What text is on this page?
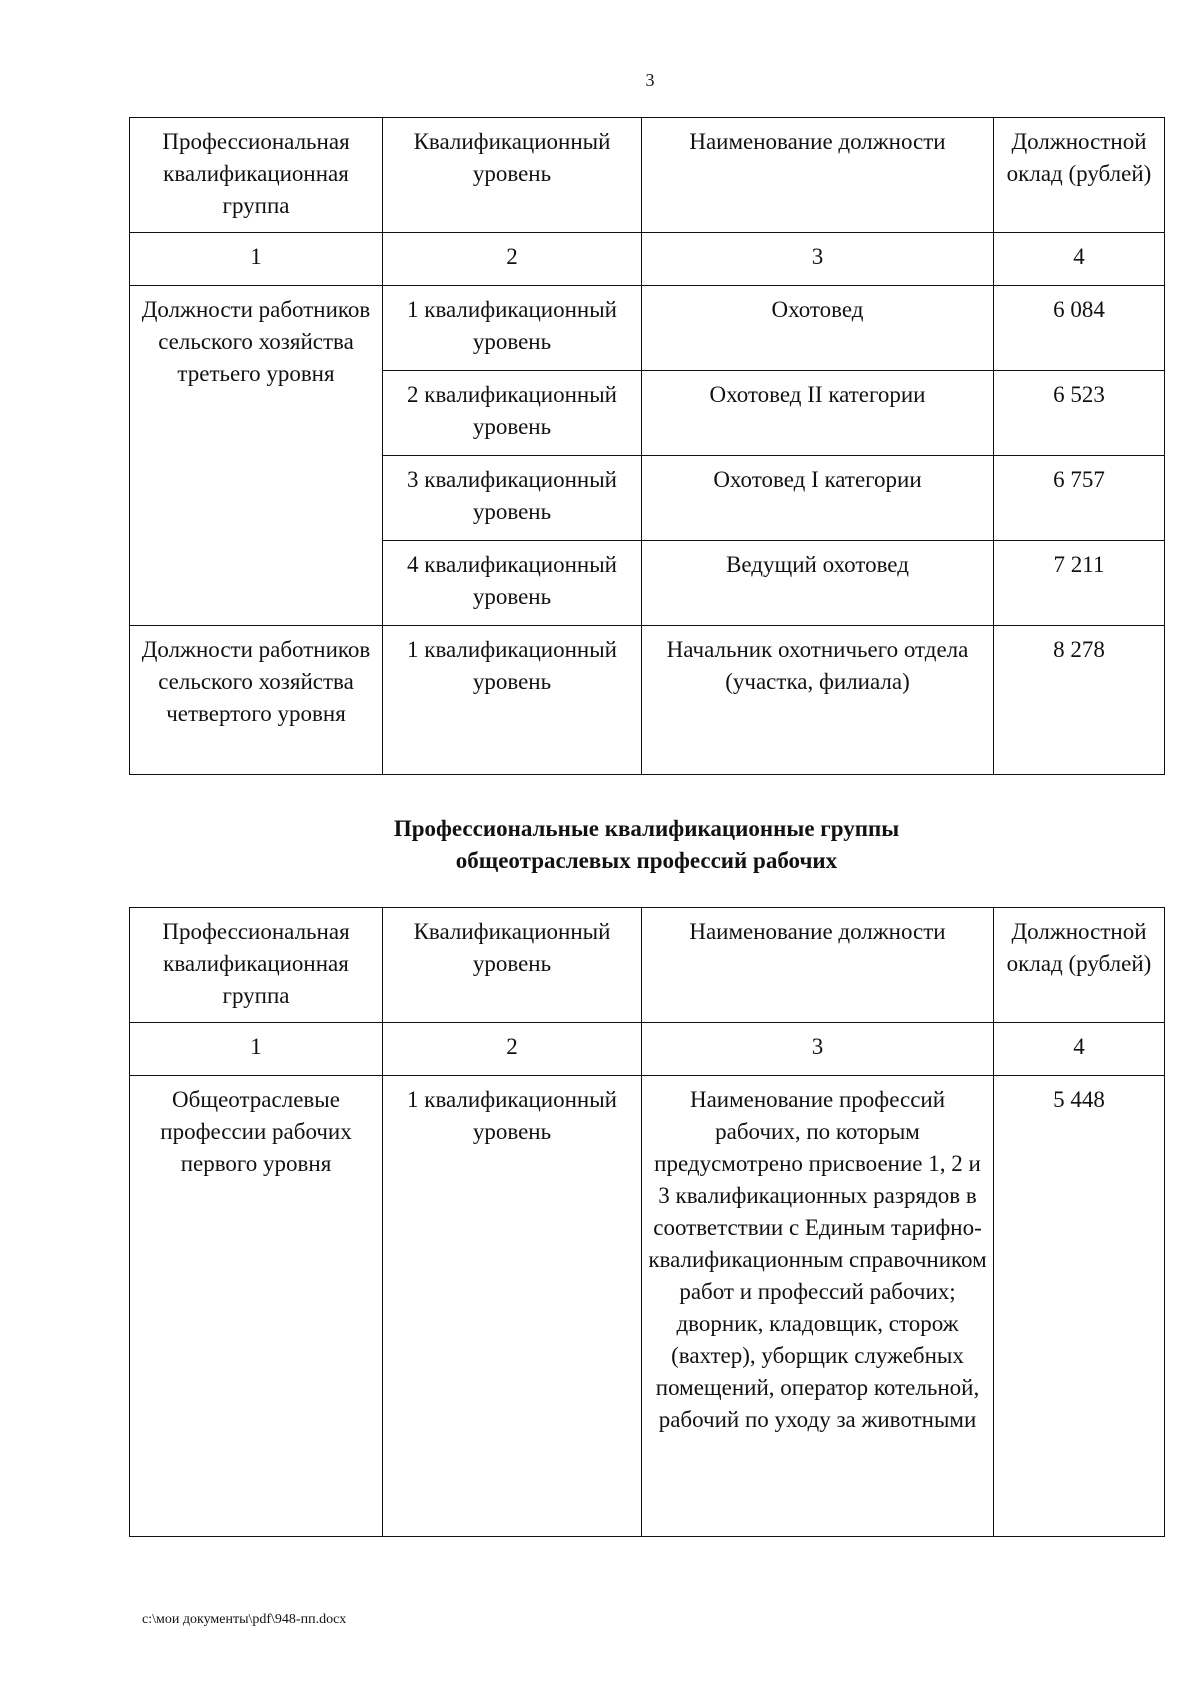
3
Профессиональная квалификационная группа	Квалификационный уровень	Наименование должности	Должностной оклад (рублей)
1	2	3	4
Должности работников сельского хозяйства третьего уровня	1 квалификационный уровень	Охотовед	6 084
	2 квалификационный уровень	Охотовед II категории	6 523
	3 квалификационный уровень	Охотовед I категории	6 757
	4 квалификационный уровень	Ведущий охотовед	7 211
Должности работников сельского хозяйства четвертого уровня	1 квалификационный уровень	Начальник охотничьего отдела (участка, филиала)	8 278
Профессиональные квалификационные группы
общеотраслевых профессий рабочих
Профессиональная квалификационная группа	Квалификационный уровень	Наименование должности	Должностной оклад (рублей)
1	2	3	4
Общеотраслевые профессии рабочих первого уровня	1 квалификационный уровень	Наименование профессий рабочих, по которым предусмотрено присвоение 1, 2 и 3 квалификационных разрядов в соответствии с Единым тарифно-квалификационным справочником работ и профессий рабочих; дворник, кладовщик, сторож (вахтер), уборщик служебных помещений, оператор котельной, рабочий по уходу за животными	5 448
c:\мои документы\pdf\948-пп.docx
